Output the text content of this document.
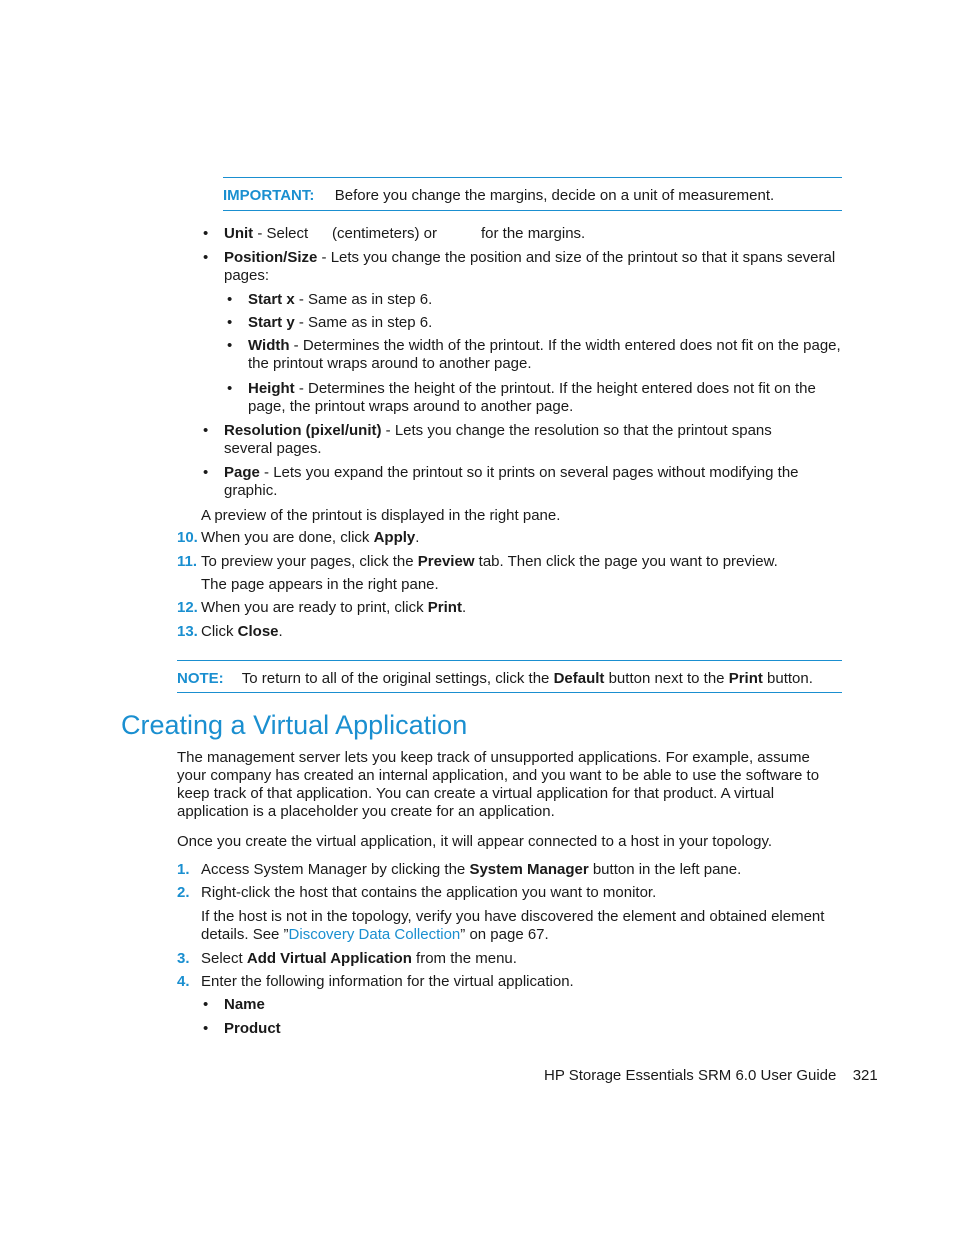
IMPORTANT: Before you change the margins, decide on a unit of measurement.
• Unit - Select (centimeters) or	for the margins.
• Position/Size - Lets you change the position and size of the printout so that it spans several pages:
• Start x - Same as in step 6.
• Start y - Same as in step 6.
• Width - Determines the width of the printout. If the width entered does not fit on the page, the printout wraps around to another page.
• Height - Determines the height of the printout. If the height entered does not fit on the page, the printout wraps around to another page.
• Resolution (pixel/unit) - Lets you change the resolution so that the printout spans several pages.
• Page - Lets you expand the printout so it prints on several pages without modifying the graphic.
A preview of the printout is displayed in the right pane.
10. When you are done, click Apply.
11. To preview your pages, click the Preview tab. Then click the page you want to preview.
The page appears in the right pane.
12. When you are ready to print, click Print.
13. Click Close.
NOTE: To return to all of the original settings, click the Default button next to the Print button.
Creating a Virtual Application
The management server lets you keep track of unsupported applications. For example, assume your company has created an internal application, and you want to be able to use the software to keep track of that application. You can create a virtual application for that product. A virtual application is a placeholder you create for an application.
Once you create the virtual application, it will appear connected to a host in your topology.
1. Access System Manager by clicking the System Manager button in the left pane.
2. Right-click the host that contains the application you want to monitor.
If the host is not in the topology, verify you have discovered the element and obtained element details. See ”Discovery Data Collection” on page 67.
3. Select Add Virtual Application from the menu.
4. Enter the following information for the virtual application.
• Name
• Product
HP Storage Essentials SRM 6.0 User Guide 321
